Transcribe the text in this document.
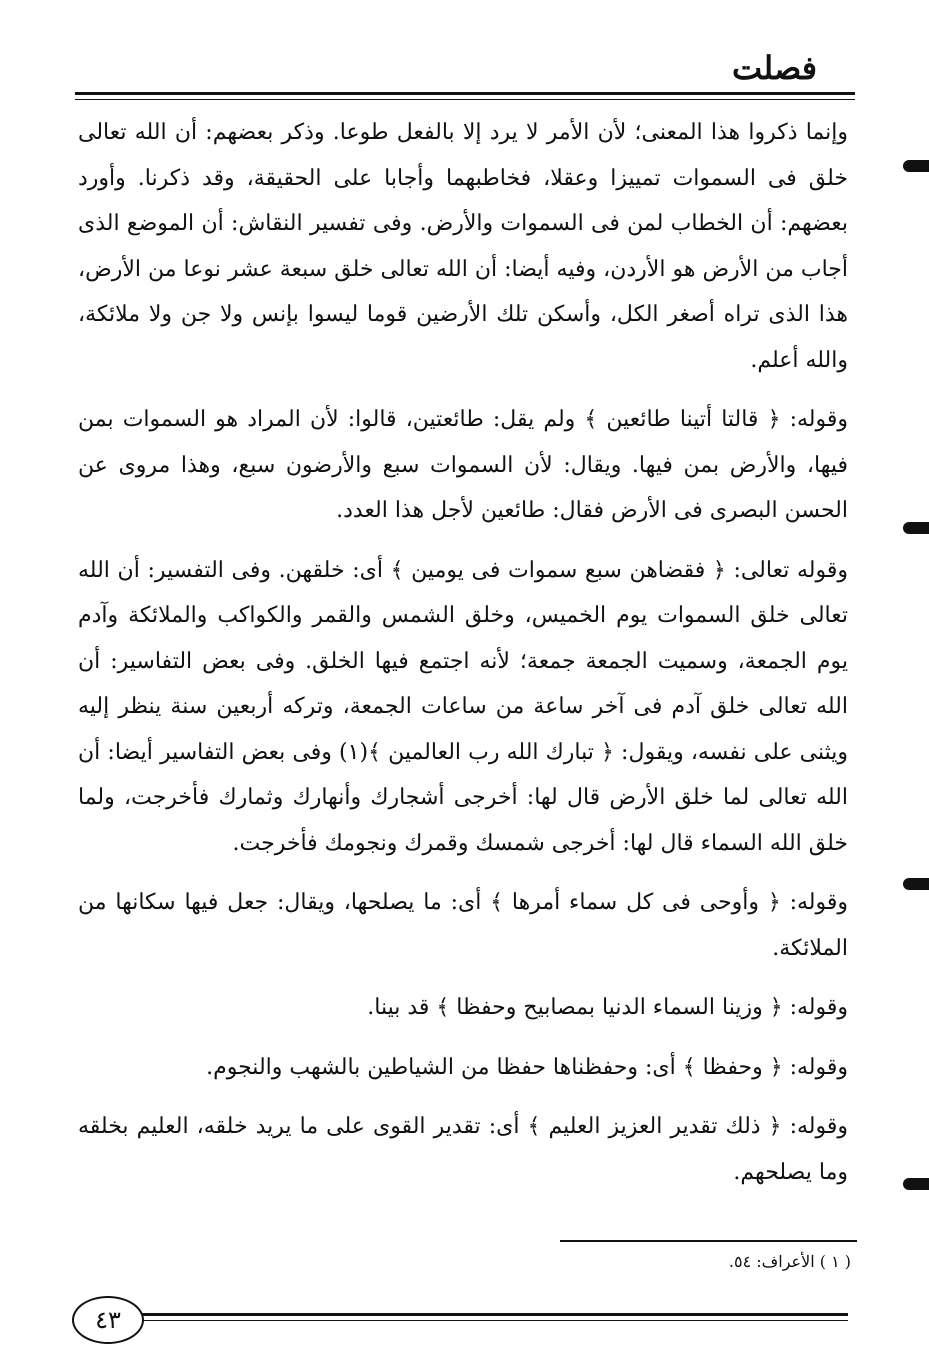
فصلت

وإنما ذكروا هذا المعنى؛ لأن الأمر لا يرد إلا بالفعل طوعا. وذكر بعضهم: أن الله تعالى خلق فى السموات تمييزا وعقلا، فخاطبهما وأجابا على الحقيقة، وقد ذكرنا. وأورد بعضهم: أن الخطاب لمن فى السموات والأرض. وفى تفسير النقاش: أن الموضع الذى أجاب من الأرض هو الأردن، وفيه أيضا: أن الله تعالى خلق سبعة عشر نوعا من الأرض، هذا الذى تراه أصغر الكل، وأسكن تلك الأرضين قوما ليسوا بإنس ولا جن ولا ملائكة، والله أعلم.

وقوله: ﴿ قالتا أتينا طائعين ﴾ ولم يقل: طائعتين، قالوا: لأن المراد هو السموات بمن فيها، والأرض بمن فيها. ويقال: لأن السموات سبع والأرضون سبع، وهذا مروى عن الحسن البصرى فى الأرض فقال: طائعين لأجل هذا العدد.

وقوله تعالى: ﴿ فقضاهن سبع سموات فى يومين ﴾ أى: خلقهن. وفى التفسير: أن الله تعالى خلق السموات يوم الخميس، وخلق الشمس والقمر والكواكب والملائكة وآدم يوم الجمعة، وسميت الجمعة جمعة؛ لأنه اجتمع فيها الخلق. وفى بعض التفاسير: أن الله تعالى خلق آدم فى آخر ساعة من ساعات الجمعة، وتركه أربعين سنة ينظر إليه ويثنى على نفسه، ويقول: ﴿ تبارك الله رب العالمين ﴾(١) وفى بعض التفاسير أيضا: أن الله تعالى لما خلق الأرض قال لها: أخرجى أشجارك وأنهارك وثمارك فأخرجت، ولما خلق الله السماء قال لها: أخرجى شمسك وقمرك ونجومك فأخرجت.

وقوله: ﴿ وأوحى فى كل سماء أمرها ﴾ أى: ما يصلحها، ويقال: جعل فيها سكانها من الملائكة.

وقوله: ﴿ وزينا السماء الدنيا بمصابيح وحفظا ﴾ قد بينا.

وقوله: ﴿ وحفظا ﴾ أى: وحفظناها حفظا من الشياطين بالشهب والنجوم.

وقوله: ﴿ ذلك تقدير العزيز العليم ﴾ أى: تقدير القوى على ما يريد خلقه، العليم بخلقه وما يصلحهم.

( ١ ) الأعراف: ٥٤.
٤٣
